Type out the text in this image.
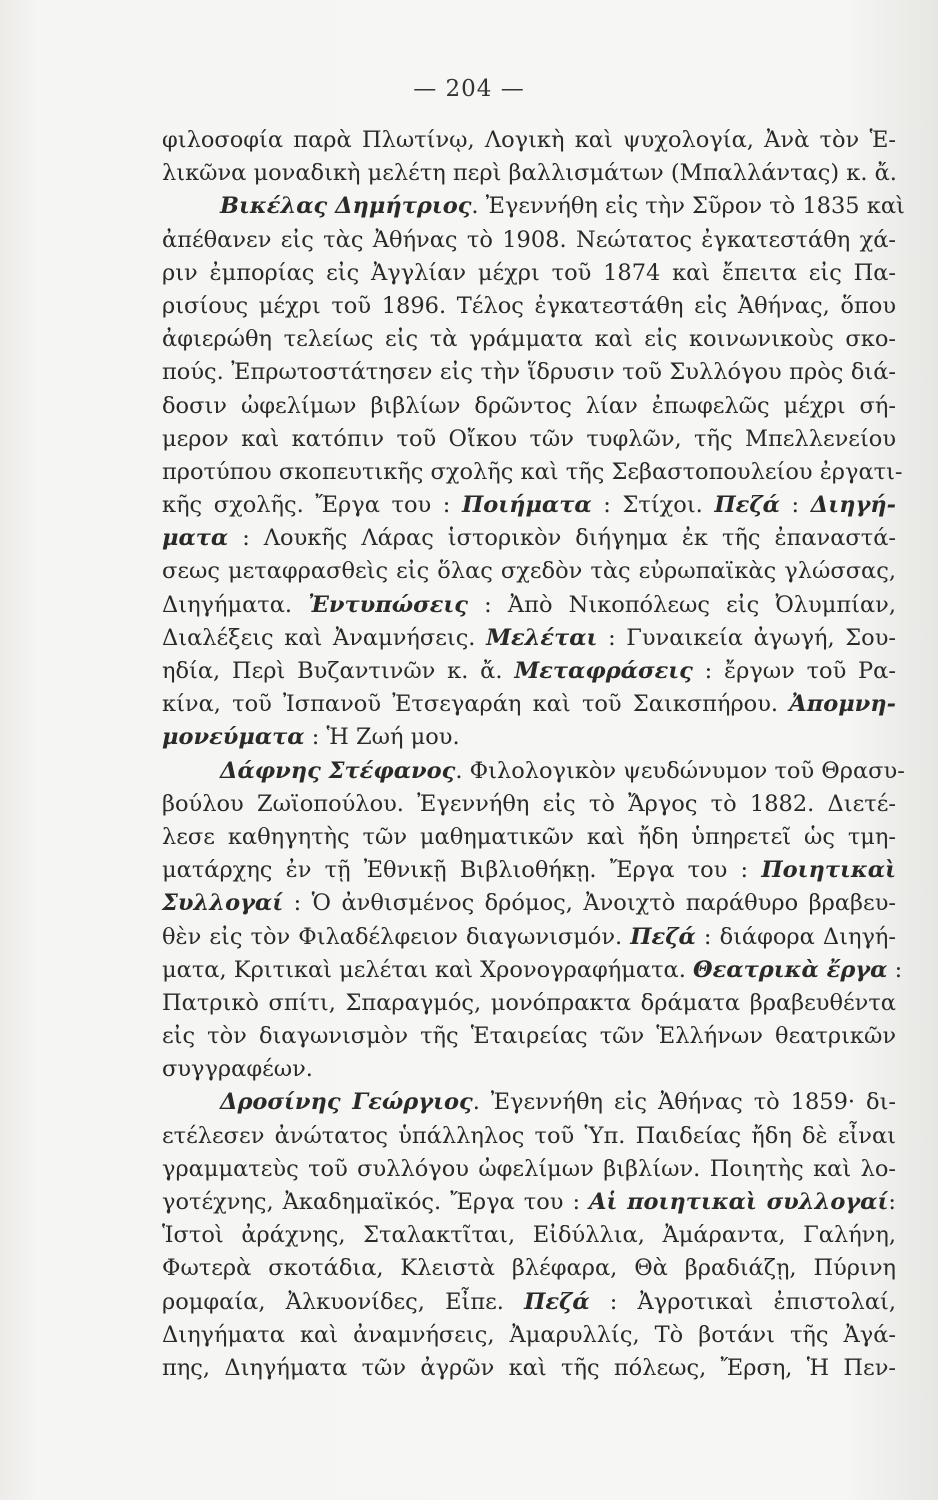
— 204 —
φιλοσοφία παρὰ Πλωτίνῳ, Λογικὴ καὶ ψυχολογία, Ἀνὰ τὸν Ἑ-
λικῶνα μοναδικὴ μελέτη περὶ βαλλισμάτων (Μπαλλάντας) κ. ἄ.
Βικέλας Δημήτριος. Ἐγεννήθη εἰς τὴν Σῦρον τὸ 1835 καὶ
ἀπέθανεν εἰς τὰς Ἀθήνας τὸ 1908. Νεώτατος ἐγκατεστάθη χά-
ριν ἐμπορίας εἰς Ἀγγλίαν μέχρι τοῦ 1874 καὶ ἔπειτα εἰς Πα-
ρισίους μέχρι τοῦ 1896. Τέλος ἐγκατεστάθη εἰς Ἀθήνας, ὅπου
ἀφιερώθη τελείως εἰς τὰ γράμματα καὶ εἰς κοινωνικοὺς σκο-
πούς. Ἐπρωτοστάτησεν εἰς τὴν ἵδρυσιν τοῦ Συλλόγου πρὸς διά-
δοσιν ὠφελίμων βιβλίων δρῶντος λίαν ἐπωφελῶς μέχρι σή-
μερον καὶ κατόπιν τοῦ Οἴκου τῶν τυφλῶν, τῆς Μπελλενείου
προτύπου σκοπευτικῆς σχολῆς καὶ τῆς Σεβαστοπουλείου ἐργατι-
κῆς σχολῆς. Ἔργα του : Ποιήματα : Στίχοι. Πεζά : Διηγή-
ματα : Λουκῆς Λάρας ἱστορικὸν διήγημα ἐκ τῆς ἐπαναστά-
σεως μεταφρασθεὶς εἰς ὅλας σχεδὸν τὰς εὐρωπαϊκὰς γλώσσας,
Διηγήματα. Ἐντυπώσεις : Ἀπὸ Νικοπόλεως εἰς Ὀλυμπίαν,
Διαλέξεις καὶ Ἀναμνήσεις. Μελέται : Γυναικεία ἀγωγή, Σου-
ηδία, Περὶ Βυζαντινῶν κ. ἄ. Μεταφράσεις : ἔργων τοῦ Ρα-
κίνα, τοῦ Ἰσπανοῦ Ἐτσεγαράη καὶ τοῦ Σαικσπήρου. Ἀπομνη-
μονεύματα : Ἡ Ζωή μου.
Δάφνης Στέφανος. Φιλολογικὸν ψευδώνυμον τοῦ Θρασυ-
βούλου Ζωϊοπούλου. Ἐγεννήθη εἰς τὸ Ἄργος τὸ 1882. Διετέ-
λεσε καθηγητὴς τῶν μαθηματικῶν καὶ ἤδη ὑπηρετεῖ ὡς τμη-
ματάρχης ἐν τῇ Ἐθνικῇ Βιβλιοθήκῃ. Ἔργα του : Ποιητικαὶ
Συλλογαί : Ὁ ἀνθισμένος δρόμος, Ἀνοιχτὸ παράθυρο βραβευ-
θὲν εἰς τὸν Φιλαδέλφειον διαγωνισμόν. Πεζά : διάφορα Διηγή-
ματα, Κριτικαὶ μελέται καὶ Χρονογραφήματα. Θεατρικὰ ἔργα :
Πατρικὸ σπίτι, Σπαραγμός, μονόπρακτα δράματα βραβευθέντα
εἰς τὸν διαγωνισμὸν τῆς Ἑταιρείας τῶν Ἑλλήνων θεατρικῶν
συγγραφέων.
Δροσίνης Γεώργιος. Ἐγεννήθη εἰς Ἀθήνας τὸ 1859· δι-
ετέλεσεν ἀνώτατος ὑπάλληλος τοῦ Ὑπ. Παιδείας ἤδη δὲ εἶναι
γραμματεὺς τοῦ συλλόγου ὠφελίμων βιβλίων. Ποιητὴς καὶ λο-
γοτέχνης, Ἀκαδημαϊκός. Ἔργα του : Αἱ ποιητικαὶ συλλογαί:
Ἱστοὶ ἀράχνης, Σταλακτῖται, Εἰδύλλια, Ἀμάραντα, Γαλήνη,
Φωτερὰ σκοτάδια, Κλειστὰ βλέφαρα, Θὰ βραδιάζῃ, Πύρινη
ρομφαία, Ἀλκυονίδες, Εἶπε. Πεζά : Ἀγροτικαὶ ἐπιστολαί,
Διηγήματα καὶ ἀναμνήσεις, Ἀμαρυλλίς, Τὸ βοτάνι τῆς Ἀγά-
πης, Διηγήματα τῶν ἀγρῶν καὶ τῆς πόλεως, Ἔρση, Ἡ Πεν-
